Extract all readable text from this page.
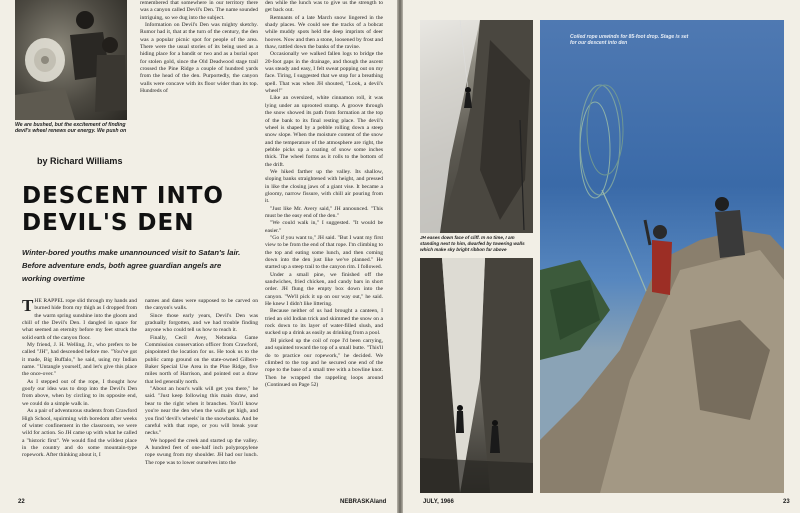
We are bushed, but the excitement of finding devil's wheel renews our energy. We push on

remembered that somewhere in our territory there was a canyon called Devil's Den. The name sounded intriguing, so we dug into the subject.

Information on Devil's Den was mighty sketchy. Rumor had it, that at the turn of the century, the den was a popular picnic spot for people of the area. There were the usual stories of its being used as a hiding place for a bandit or two and as a burial spot for stolen gold, since the Old Deadwood stage trail crossed the Pine Ridge a couple of hundred yards from the head of the den. Purportedly, the canyon walls were concave with its floor wider than its top. Hundreds of

den while the lunch was to give us the strength to get back out.

Remnants of a late March snow lingered in the shady places. We could see the tracks of a bobcat while muddy spots held the deep imprints of deer hooves. Now and then a stone, loosened by frost and thaw, rattled down the banks of the ravine.

Occasionally we walked fallen logs to bridge the 20-foot gaps in the drainage, and though the ascent was steady and easy, I felt sweat popping out on my face. Tiring, I suggested that we stop for a breathing spell. That was when JH shouted, "Look, a devil's wheel!"

Like an oversized, white cinnamon roll, it was lying under an uprooted stump. A groove through the snow showed its path from formation at the top of the bank to its final resting place. The devil's wheel is shaped by a pebble rolling down a steep snow slope. When the moisture content of the snow and the temperature of the atmosphere are right, the pebble picks up a coating of snow some inches thick. The wheel forms as it rolls to the bottom of the drift.

We hiked farther up the valley. Its shallow, sloping banks straightened with height, and pressed in like the closing jaws of a giant vise. It became a gloomy, narrow fissure, with chill air pouring from it.

"Just like Mr. Avery said," JH announced. "This must be the easy end of the den."

"We could walk in," I suggested. "It would be easier."

"Go if you want to," JH said. "But I want my first view to be from the end of that rope. I'm climbing to the top and eating some lunch, and then coming down into the den just like we've planned." He started up a steep trail to the canyon rim. I followed.

Under a small pine, we finished off the sandwiches, fried chicken, and candy bars in short order. JH flung the empty box down into the canyon. "We'll pick it up on our way out," he said. He knew I didn't like littering.

Because neither of us had brought a canteen, I tried an old Indian trick and skimmed the snow on a rock down to its layer of water-filled slush, and sucked up a drink as easily as drinking from a pool.

JH picked up the coil of rope I'd been carrying, and squinted toward the top of a small butte. "This'll do to practice our ropework," he decided. We climbed to the top and he secured one end of the rope to the base of a small tree with a bowline knot. Then he wrapped the rappeling loops around (Continued on Page 52)

by Richard Williams
DESCENT INTO
DEVIL'S DEN
Winter-bored youths make unannounced visit to Satan's lair. Before adventure ends, both agree guardian angels are working overtime

THE RAPPEL rope slid through my hands and burned hide from my thigh as I dropped from the warm spring sunshine into the gloom and chill of the Devil's Den. I dangled in space for what seemed an eternity before my feet struck the solid earth of the canyon floor.

My friend, J. H. Welling, Jr., who prefers to be called "JH", had descended before me. "You've got it made, Big Buffalo," he said, using my Indian name. "Untangle yourself, and let's give this place the once-over."

As I stepped out of the rope, I thought how goofy our idea was to drop into the Devil's Den from above, when by circling to its opposite end, we could do a simple walk in.

As a pair of adventurous students from Crawford High School, squirming with boredom after weeks of winter confinement in the classroom, we were wild for action. So JH came up with what he called a "historic first". We would find the wildest place in the country and do some mountain-type ropework. After thinking about it, I

names and dates were supposed to be carved on the canyon's walls.

Since those early years, Devil's Den was gradually forgotten, and we had trouble finding anyone who could tell us how to reach it.

Finally, Cecil Avey, Nebraska Game Commission conservation officer from Crawford, pinpointed the location for us. He took us to the public camp ground on the state-owned Gilbert-Baker Special Use Area in the Pine Ridge, five miles north of Harrison, and pointed out a draw that led generally north.

"About an hour's walk will get you there," he said. "Just keep following this main draw, and bear to the right when it branches. You'll know you're near the den when the walls get high, and you find 'devil's wheels' in the snowbanks. And be careful with that rope, or you will break your necks."

We hopped the creek and started up the valley. A hundred feet of one-half inch polypropylene rope swung from my shoulder. JH had our lunch. The rope was to lower ourselves into the

22	NEBRASKAland
JH eases down face of cliff. In no time, I am standing next to him, dwarfed by towering walls which make sky bright ribbon far above
Coiled rope unwinds for 85-foot drop. Stage is set for our descent into den
JULY, 1966	23
